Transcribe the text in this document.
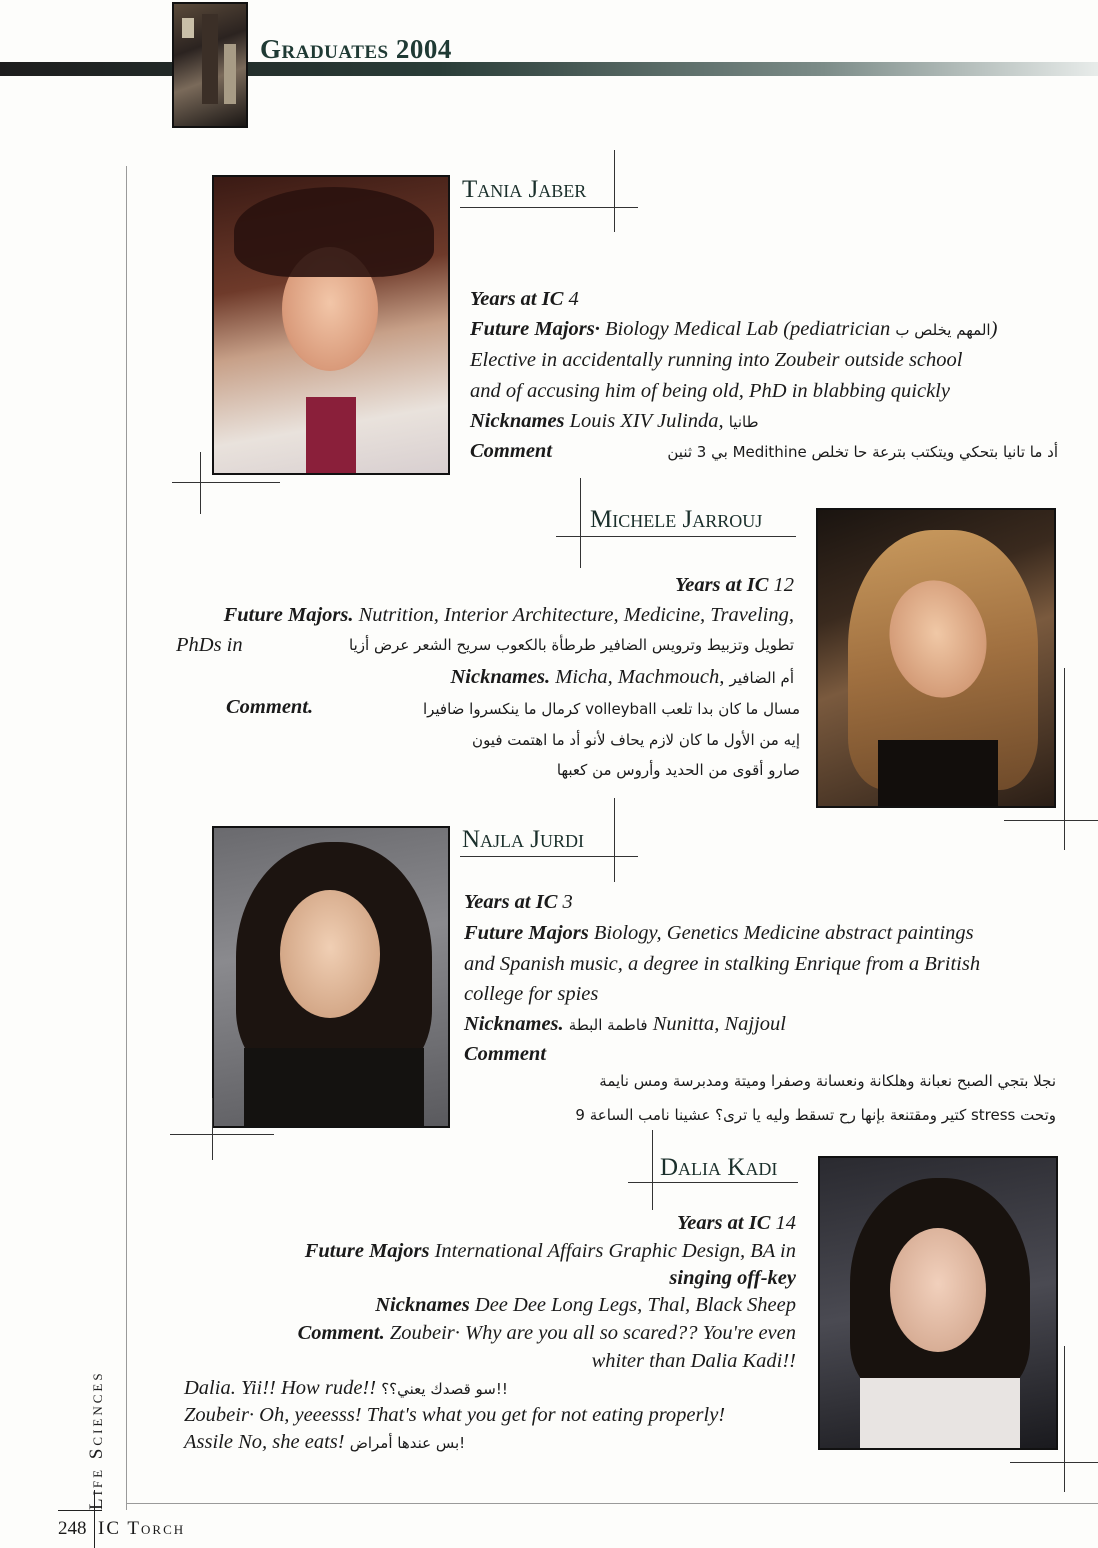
Graduates 2004
Tania Jaber
Years at IC 4
Future Majors· Biology Medical Lab (pediatrician المهم يخلص ب)
Elective in accidentally running into Zoubeir outside school
and of accusing him of being old, PhD in blabbing quickly
Nicknames Louis XIV Julinda, طانيا
Comment	أد ما تانيا بتحكي ويتكتب بترعة حا تخلص Medithine بي 3 ثنين
Michele Jarrouj
Years at IC 12
Future Majors. Nutrition, Interior Architecture, Medicine, Traveling,
PhDs in	تطويل وتزبيط وترويس الضافير طرطأة بالكعوب سريح الشعر عرض أزيا
Nicknames. Micha, Machmouch, أم الضافير
Comment.	مسال ما كان بدا تلعب volleyball كرمال ما ينكسروا ضافيرا
إيه من الأول ما كان لازم يحاف لأنو أد ما اهتمت فيون
صارو أقوى من الحديد وأروس من كعبها
Najla Jurdi
Years at IC 3
Future Majors Biology, Genetics Medicine abstract paintings
and Spanish music, a degree in stalking Enrique from a British
college for spies
Nicknames. فاطمة البطة Nunitta, Najjoul
Comment
نجلا بتجي الصبح نعبانة وهلكانة ونعسانة وصفرا وميتة ومدبرسة ومس نايمة
وتحت stress كتير ومقتنعة بإنها رح تسقط وليه يا ترى؟ عشينا نامب الساعة 9
Dalia Kadi
Years at IC 14
Future Majors International Affairs Graphic Design, BA in
singing off-key
Nicknames Dee Dee Long Legs, Thal, Black Sheep
Comment. Zoubeir· Why are you all so scared?? You're even
whiter than Dalia Kadi!!
Dalia. Yii!! How rude!! سو قصدك يعني؟؟!!
Zoubeir· Oh, yeeesss! That's what you get for not eating properly!
Assile No, she eats! بس عندها أمراض!
Life Sciences
248 IC Torch
